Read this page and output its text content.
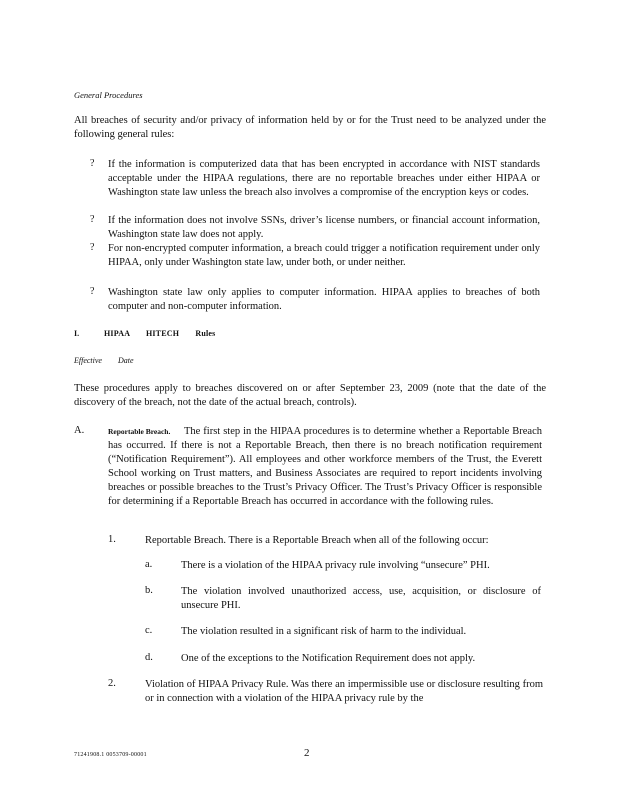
General Procedures
All breaches of security and/or privacy of information held by or for the Trust need to be analyzed under the following general rules:
? If the information is computerized data that has been encrypted in accordance with NIST standards acceptable under the HIPAA regulations, there are no reportable breaches under either HIPAA or Washington state law unless the breach also involves a compromise of the encryption keys or codes.
? If the information does not involve SSNs, driver’s license numbers, or financial account information, Washington state law does not apply.
? For non-encrypted computer information, a breach could trigger a notification requirement under only HIPAA, only under Washington state law, under both, or under neither.
? Washington state law only applies to computer information. HIPAA applies to breaches of both computer and non-computer information.
I.	HIPAA HITECH Rules
Effective Date
These procedures apply to breaches discovered on or after September 23, 2009 (note that the date of the discovery of the breach, not the date of the actual breach, controls).
A.	The first step in the HIPAA procedures is to determine whether a Reportable Breach has occurred. If there is not a Reportable Breach, then there is no breach notification requirement (“Notification Requirement”). All employees and other workforce members of the Trust, the Everett School working on Trust matters, and Business Associates are required to report incidents involving breaches or possible breaches to the Trust’s Privacy Officer. The Trust’s Privacy Officer is responsible for determining if a Reportable Breach has occurred in accordance with the following rules.
Reportable Breach.
1.	Reportable Breach. There is a Reportable Breach when all of the following occur:
a.	There is a violation of the HIPAA privacy rule involving “unsecure” PHI.
b.	The violation involved unauthorized access, use, acquisition, or disclosure of unsecure PHI.
c.	The violation resulted in a significant risk of harm to the individual.
d.	One of the exceptions to the Notification Requirement does not apply.
2.	Violation of HIPAA Privacy Rule. Was there an impermissible use or disclosure resulting from or in connection with a violation of the HIPAA privacy rule by the
71241908.1 0053709-00001	2
